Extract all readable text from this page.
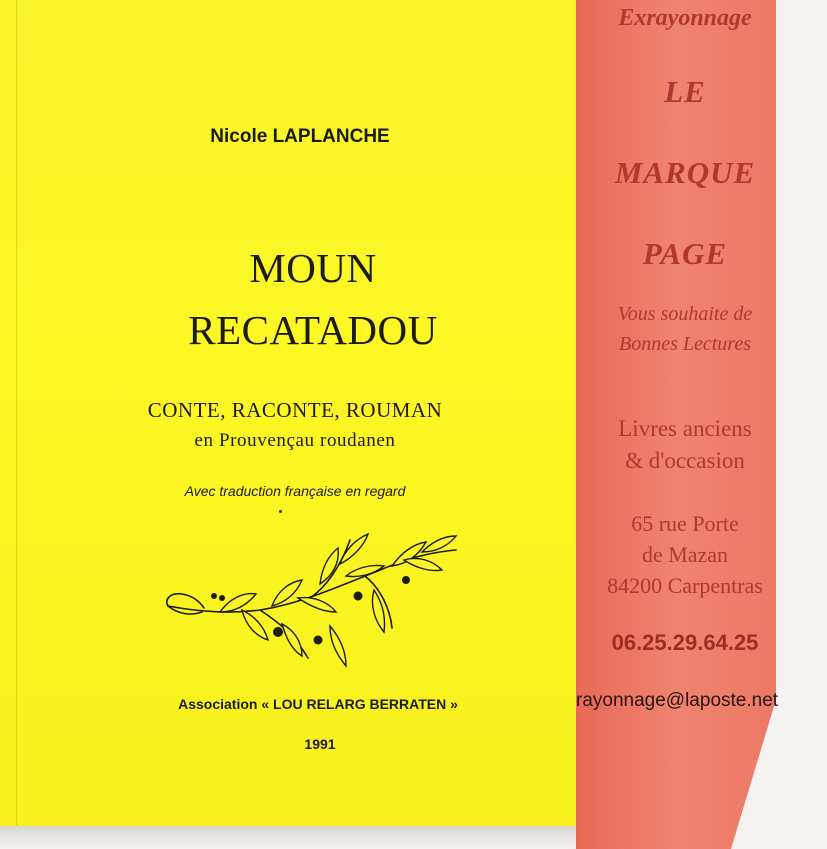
Nicole LAPLANCHE
MOUN
RECATADOU
CONTE, RACONTE, ROUMAN
en Prouvençau roudanen
Avec traduction française en regard
Association « LOU RELARG BERRATEN »
1991
Exrayonnage
LE
MARQUE
PAGE
Vous souhaite de
Bonnes Lectures
Livres anciens
& d'occasion
65 rue Porte
de Mazan
84200 Carpentras
06.25.29.64.25
rayonnage@laposte.net
